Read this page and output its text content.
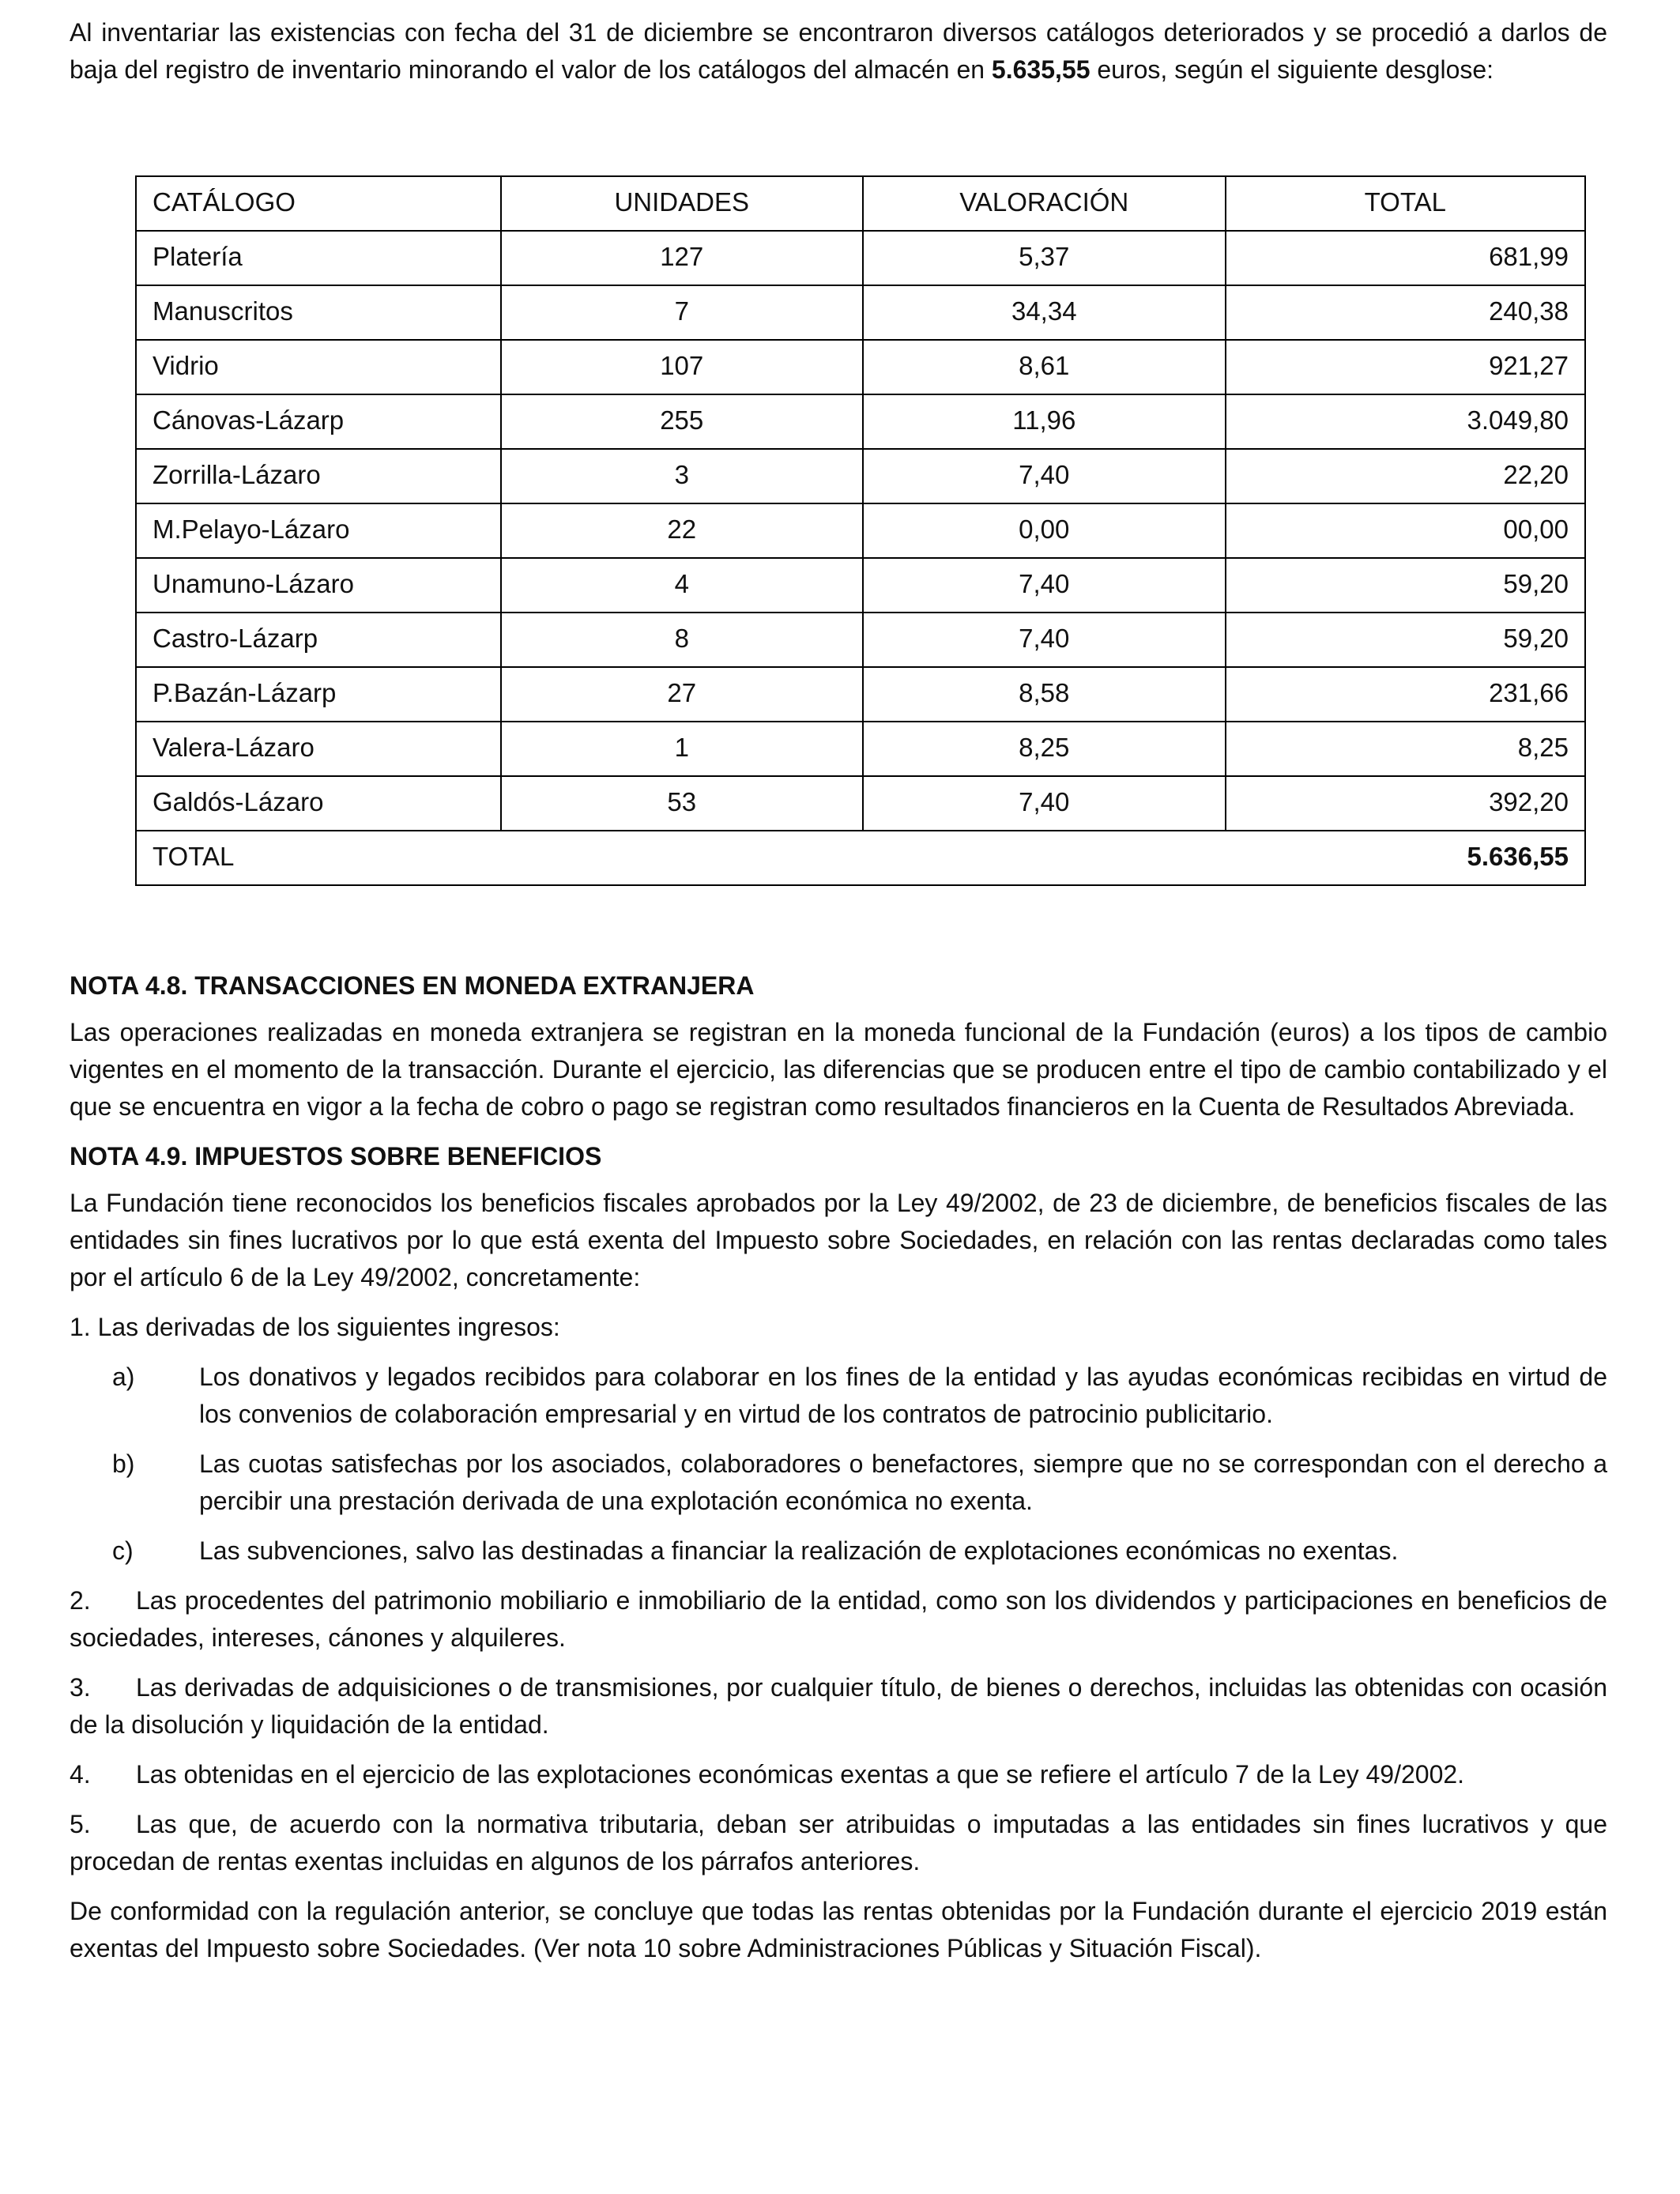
Al inventariar las existencias con fecha del 31 de diciembre se encontraron diversos catálogos deteriorados y se procedió a darlos de baja del registro de inventario minorando el valor de los catálogos del almacén en 5.635,55 euros, según el siguiente desglose:

CATÁLOGO	UNIDADES	VALORACIÓN	TOTAL
Platería	127	5,37	681,99
Manuscritos	7	34,34	240,38
Vidrio	107	8,61	921,27
Cánovas-Lázarp	255	11,96	3.049,80
Zorrilla-Lázaro	3	7,40	22,20
M.Pelayo-Lázaro	22	0,00	00,00
Unamuno-Lázaro	4	7,40	59,20
Castro-Lázarp	8	7,40	59,20
P.Bazán-Lázarp	27	8,58	231,66
Valera-Lázaro	1	8,25	8,25
Galdós-Lázaro	53	7,40	392,20
TOTAL			5.636,55
NOTA 4.8. TRANSACCIONES EN MONEDA EXTRANJERA

Las operaciones realizadas en moneda extranjera se registran en la moneda funcional de la Fundación (euros) a los tipos de cambio vigentes en el momento de la transacción. Durante el ejercicio, las diferencias que se producen entre el tipo de cambio contabilizado y el que se encuentra en vigor a la fecha de cobro o pago se registran como resultados financieros en la Cuenta de Resultados Abreviada.

NOTA 4.9. IMPUESTOS SOBRE BENEFICIOS

La Fundación tiene reconocidos los beneficios fiscales aprobados por la Ley 49/2002, de 23 de diciembre, de beneficios fiscales de las entidades sin fines lucrativos por lo que está exenta del Impuesto sobre Sociedades, en relación con las rentas declaradas como tales por el artículo 6 de la Ley 49/2002, concretamente:

1. Las derivadas de los siguientes ingresos:

a)	Los donativos y legados recibidos para colaborar en los fines de la entidad y las ayudas económicas recibidas en virtud de los convenios de colaboración empresarial y en virtud de los contratos de patrocinio publicitario.
b)	Las cuotas satisfechas por los asociados, colaboradores o benefactores, siempre que no se correspondan con el derecho a percibir una prestación derivada de una explotación económica no exenta.
c)	Las subvenciones, salvo las destinadas a financiar la realización de explotaciones económicas no exentas.

2. Las procedentes del patrimonio mobiliario e inmobiliario de la entidad, como son los dividendos y participaciones en beneficios de sociedades, intereses, cánones y alquileres.

3. Las derivadas de adquisiciones o de transmisiones, por cualquier título, de bienes o derechos, incluidas las obtenidas con ocasión de la disolución y liquidación de la entidad.

4. Las obtenidas en el ejercicio de las explotaciones económicas exentas a que se refiere el artículo 7 de la Ley 49/2002.

5. Las que, de acuerdo con la normativa tributaria, deban ser atribuidas o imputadas a las entidades sin fines lucrativos y que procedan de rentas exentas incluidas en algunos de los párrafos anteriores.

De conformidad con la regulación anterior, se concluye que todas las rentas obtenidas por la Fundación durante el ejercicio 2019 están exentas del Impuesto sobre Sociedades. (Ver nota 10 sobre Administraciones Públicas y Situación Fiscal).
